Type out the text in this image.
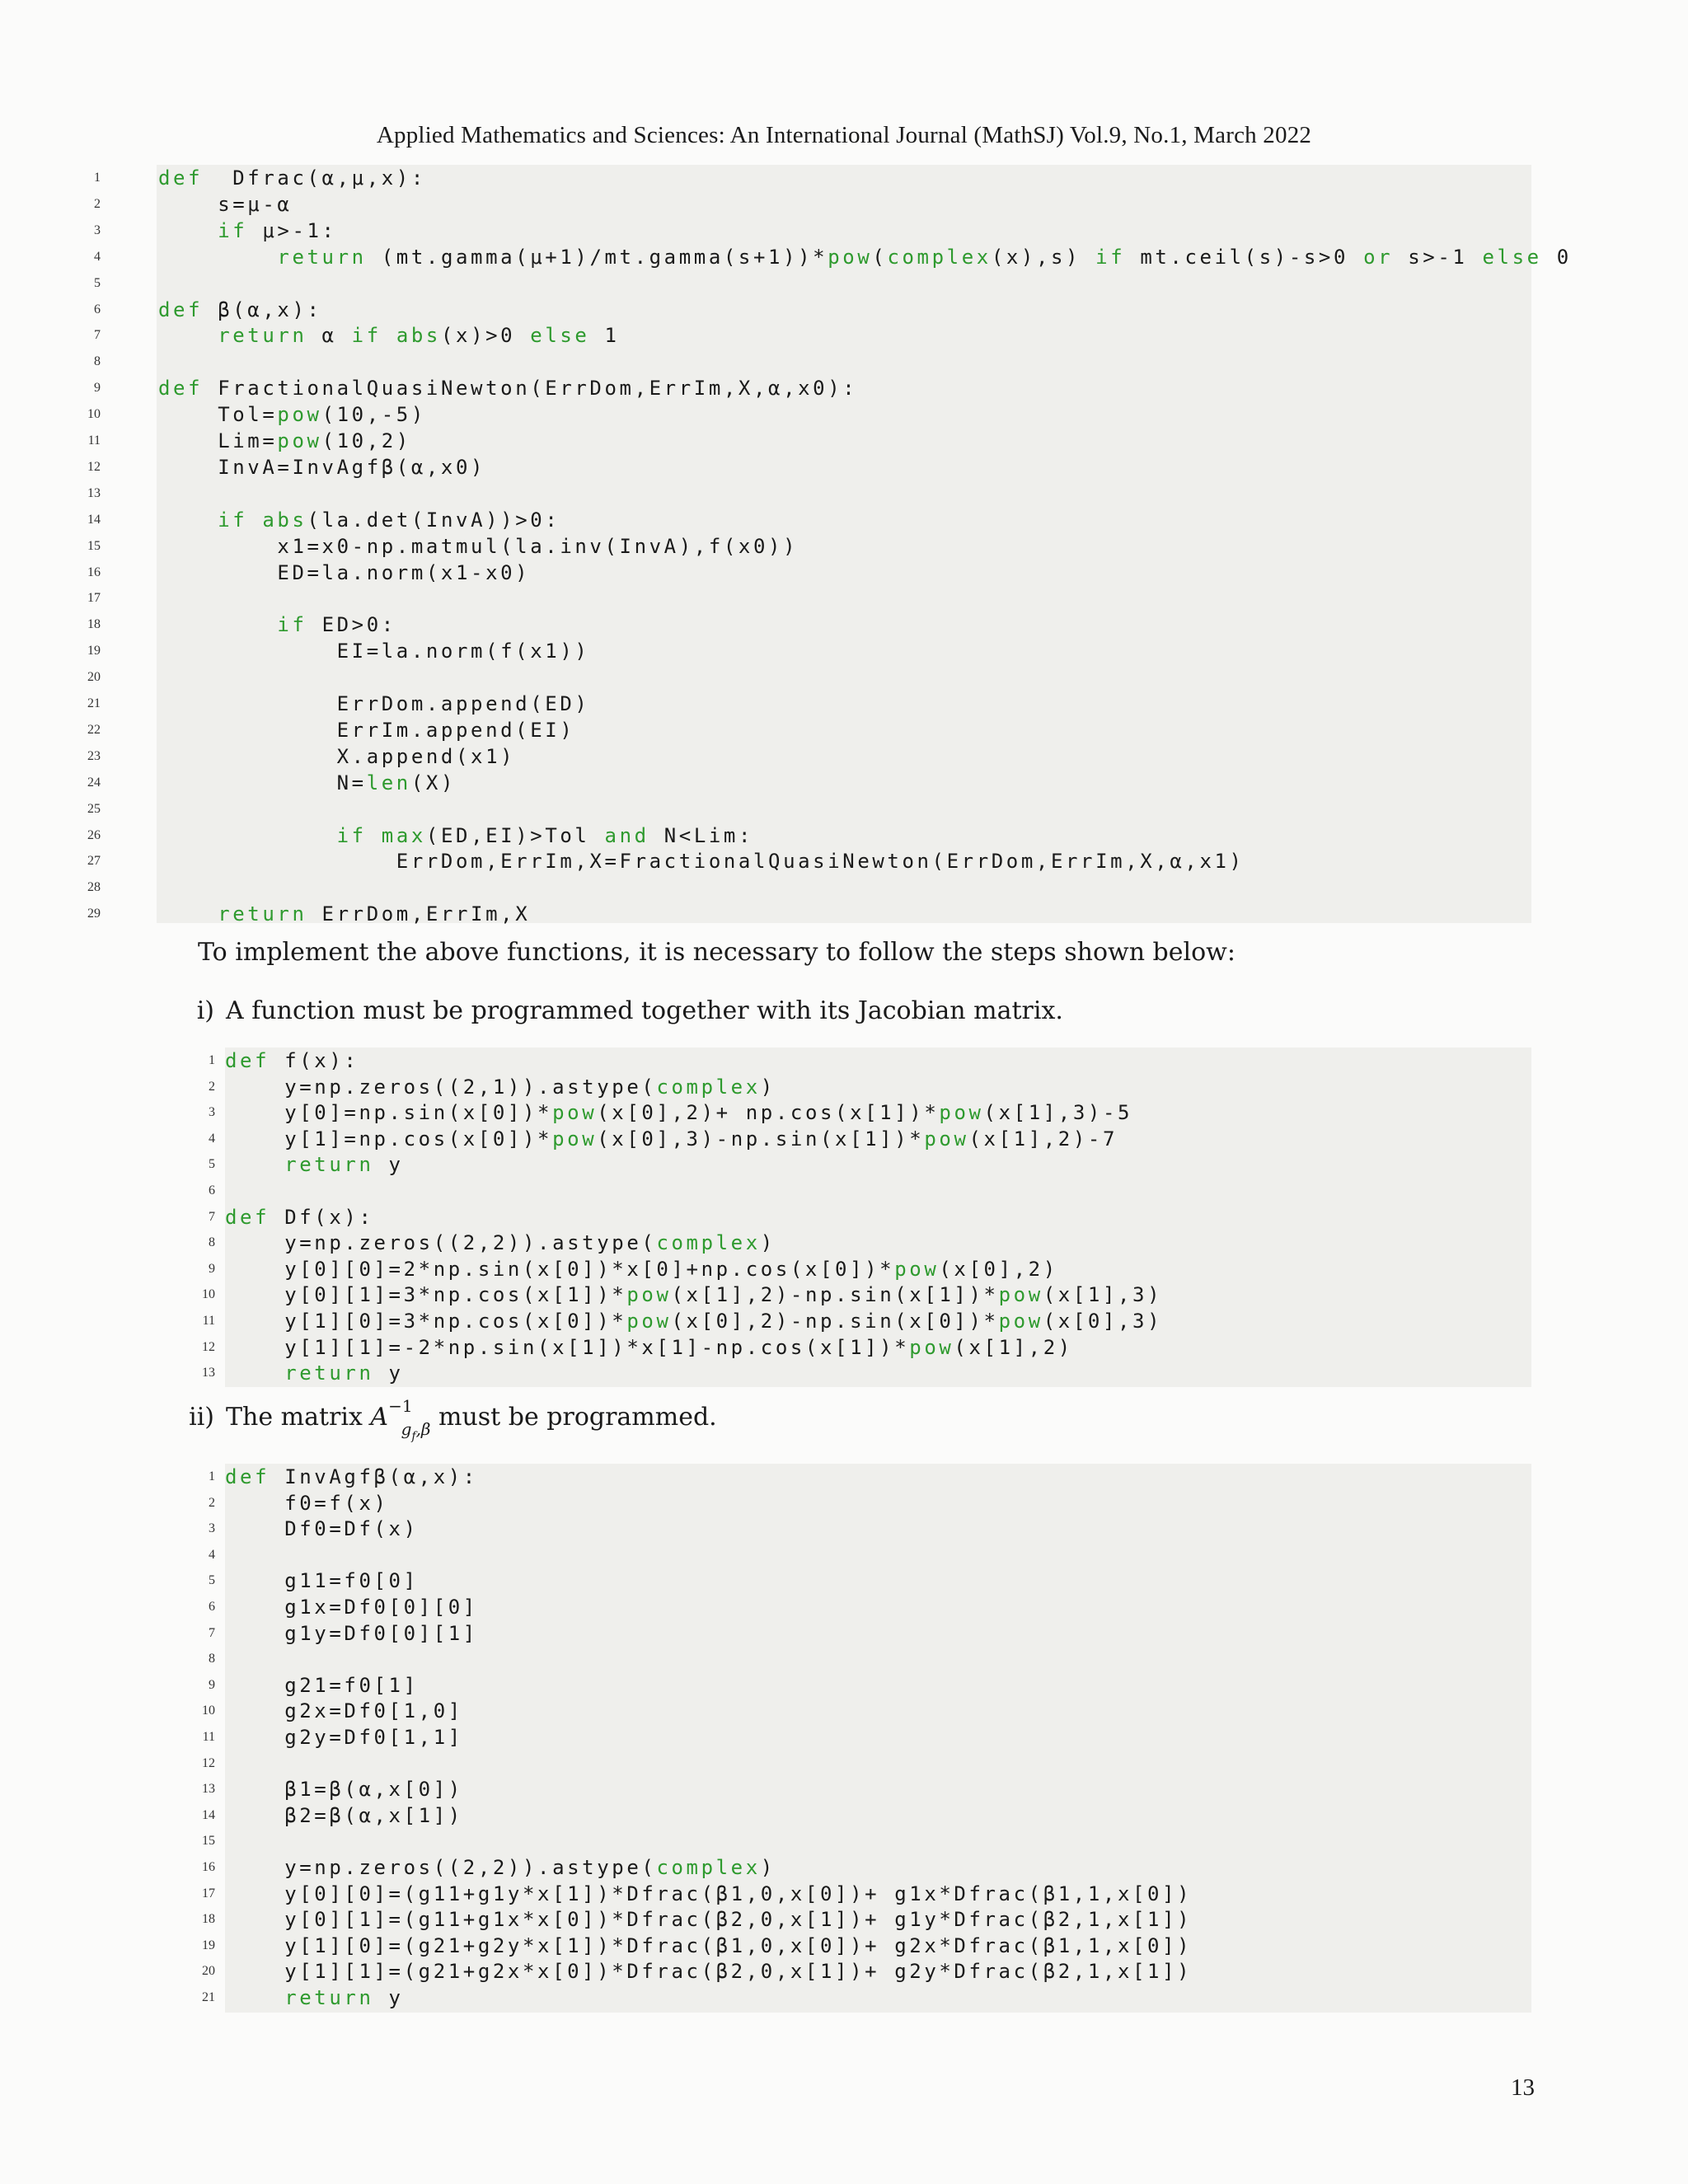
Applied Mathematics and Sciences: An International Journal (MathSJ) Vol.9, No.1, March 2022
1	def  Dfrac(α,μ,x):
2	s=μ-α
3	if μ>-1:
4	return (mt.gamma(μ+1)/mt.gamma(s+1))*pow(complex(x),s) if mt.ceil(s)-s>0 or s>-1 else 0
5
6	def β(α,x):
7	return α if abs(x)>0 else 1
8
9	def FractionalQuasiNewton(ErrDom,ErrIm,X,α,x0):
10	Tol=pow(10,-5)
11	Lim=pow(10,2)
12	InvA=InvAgfβ(α,x0)
13
14	if abs(la.det(InvA))>0:
15	x1=x0-np.matmul(la.inv(InvA),f(x0))
16	ED=la.norm(x1-x0)
17
18	if ED>0:
19	EI=la.norm(f(x1))
20
21	ErrDom.append(ED)
22	ErrIm.append(EI)
23	X.append(x1)
24	N=len(X)
25
26	if max(ED,EI)>Tol and N<Lim:
27	ErrDom,ErrIm,X=FractionalQuasiNewton(ErrDom,ErrIm,X,α,x1)
28
29	return ErrDom,ErrIm,X
To implement the above functions, it is necessary to follow the steps shown below:
i) A function must be programmed together with its Jacobian matrix.
1 def f(x):
2 y=np.zeros((2,1)).astype(complex)
3 y[0]=np.sin(x[0])*pow(x[0],2)+ np.cos(x[1])*pow(x[1],3)-5
4 y[1]=np.cos(x[0])*pow(x[0],3)-np.sin(x[1])*pow(x[1],2)-7
5	return y
6
7 def Df(x):
8 y=np.zeros((2,2)).astype(complex)
9 y[0][0]=2*np.sin(x[0])*x[0]+np.cos(x[0])*pow(x[0],2)
10 y[0][1]=3*np.cos(x[1])*pow(x[1],2)-np.sin(x[1])*pow(x[1],3)
11 y[1][0]=3*np.cos(x[0])*pow(x[0],2)-np.sin(x[0])*pow(x[0],3)
12 y[1][1]=-2*np.sin(x[1])*x[1]-np.cos(x[1])*pow(x[1],2)
13	return y
ii) The matrix $A^{-1}_{g_f,\beta}$ must be programmed.
1 def InvAgfβ(α,x):
2 f0=f(x)
3 Df0=Df(x)
4
5 g11=f0[0]
6 g1x=Df0[0][0]
7 g1y=Df0[0][1]
8
9 g21=f0[1]
10 g2x=Df0[1,0]
11 g2y=Df0[1,1]
12
13 β1=β(α,x[0])
14 β2=β(α,x[1])
15
16 y=np.zeros((2,2)).astype(complex)
17 y[0][0]=(g11+g1y*x[1])*Dfrac(β1,0,x[0])+ g1x*Dfrac(β1,1,x[0])
18 y[0][1]=(g11+g1x*x[0])*Dfrac(β2,0,x[1])+ g1y*Dfrac(β2,1,x[1])
19 y[1][0]=(g21+g2y*x[1])*Dfrac(β1,0,x[0])+ g2x*Dfrac(β1,1,x[0])
20 y[1][1]=(g21+g2x*x[0])*Dfrac(β2,0,x[1])+ g2y*Dfrac(β2,1,x[1])
21	return y
13
